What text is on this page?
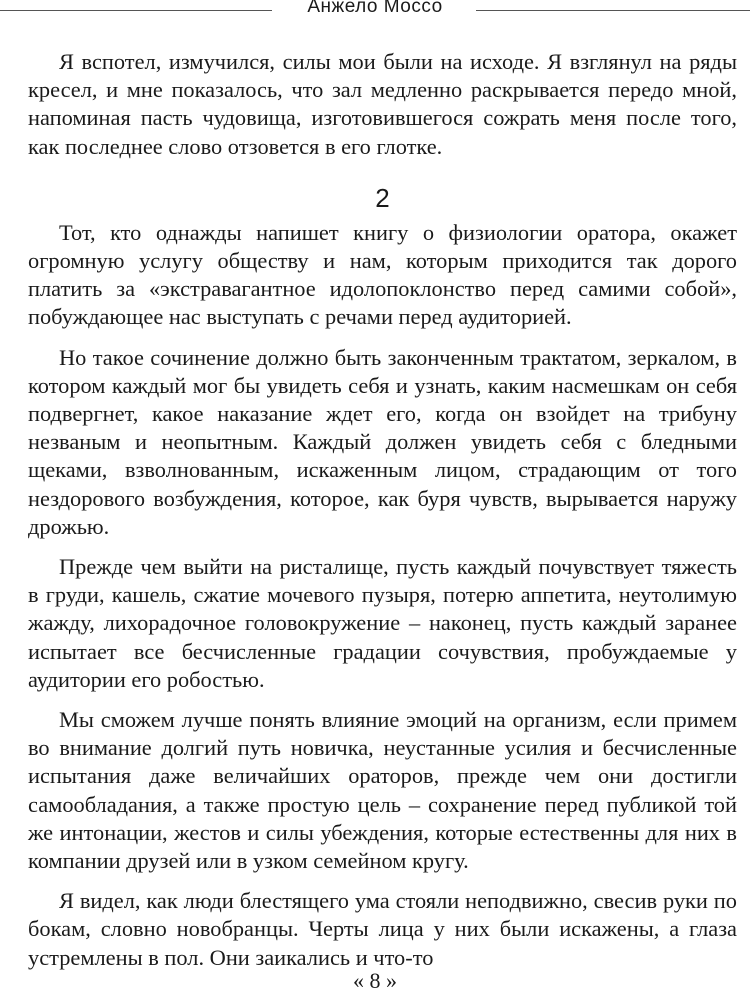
Анжело Моссо

Я вспотел, измучился, силы мои были на исходе. Я взглянул на ряды кресел, и мне показалось, что зал медленно раскрывается передо мной, напоминая пасть чудовища, изготовившегося сожрать меня после того, как последнее слово отзовется в его глотке.

2

Тот, кто однажды напишет книгу о физиологии оратора, окажет огромную услугу обществу и нам, которым приходится так дорого платить за «экстравагантное идолопоклонство перед самими собой», побуждающее нас выступать с речами перед аудиторией.

Но такое сочинение должно быть законченным трактатом, зеркалом, в котором каждый мог бы увидеть себя и узнать, каким насмешкам он себя подвергнет, какое наказание ждет его, когда он взойдет на трибуну незваным и неопытным. Каждый должен увидеть себя с бледными щеками, взволнованным, искаженным лицом, страдающим от того нездорового возбуждения, которое, как буря чувств, вырывается наружу дрожью.

Прежде чем выйти на ристалище, пусть каждый почувствует тяжесть в груди, кашель, сжатие мочевого пузыря, потерю аппетита, неутолимую жажду, лихорадочное головокружение – наконец, пусть каждый заранее испытает все бесчисленные градации сочувствия, пробуждаемые у аудитории его робостью.

Мы сможем лучше понять влияние эмоций на организм, если примем во внимание долгий путь новичка, неустанные усилия и бесчисленные испытания даже величайших ораторов, прежде чем они достигли самообладания, а также простую цель – сохранение перед публикой той же интонации, жестов и силы убеждения, которые естественны для них в компании друзей или в узком семейном кругу.

Я видел, как люди блестящего ума стояли неподвижно, свесив руки по бокам, словно новобранцы. Черты лица у них были искажены, а глаза устремлены в пол. Они заикались и что-то

« 8 »
